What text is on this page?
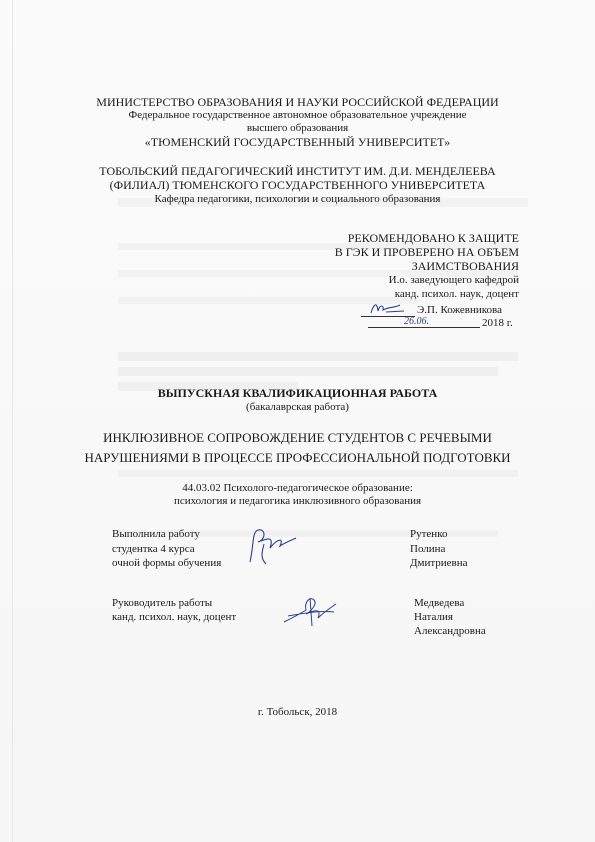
МИНИСТЕРСТВО ОБРАЗОВАНИЯ И НАУКИ РОССИЙСКОЙ ФЕДЕРАЦИИ
Федеральное государственное автономное образовательное учреждение
высшего образования
«ТЮМЕНСКИЙ ГОСУДАРСТВЕННЫЙ УНИВЕРСИТЕТ»
ТОБОЛЬСКИЙ ПЕДАГОГИЧЕСКИЙ ИНСТИТУТ ИМ. Д.И. МЕНДЕЛЕЕВА
(ФИЛИАЛ) ТЮМЕНСКОГО ГОСУДАРСТВЕННОГО УНИВЕРСИТЕТА
Кафедра педагогики, психологии и социального образования
РЕКОМЕНДОВАНО К ЗАЩИТЕ
В ГЭК И ПРОВЕРЕНО НА ОБЪЕМ
ЗАИМСТВОВАНИЯ
И.о. заведующего кафедрой
канд. психол. наук, доцент
Э.П. Кожевникова
26.06.	2018 г.
ВЫПУСКНАЯ КВАЛИФИКАЦИОННАЯ РАБОТА
(бакалаврская работа)
ИНКЛЮЗИВНОЕ СОПРОВОЖДЕНИЕ СТУДЕНТОВ С РЕЧЕВЫМИ
НАРУШЕНИЯМИ В ПРОЦЕССЕ ПРОФЕССИОНАЛЬНОЙ ПОДГОТОВКИ
44.03.02 Психолого-педагогическое образование:
психология и педагогика инклюзивного образования
Выполнила работу
студентка 4 курса
очной формы обучения
Рутенко
Полина
Дмитриевна
Руководитель работы
канд. психол. наук, доцент
Медведева
Наталия
Александровна
г. Тобольск, 2018
